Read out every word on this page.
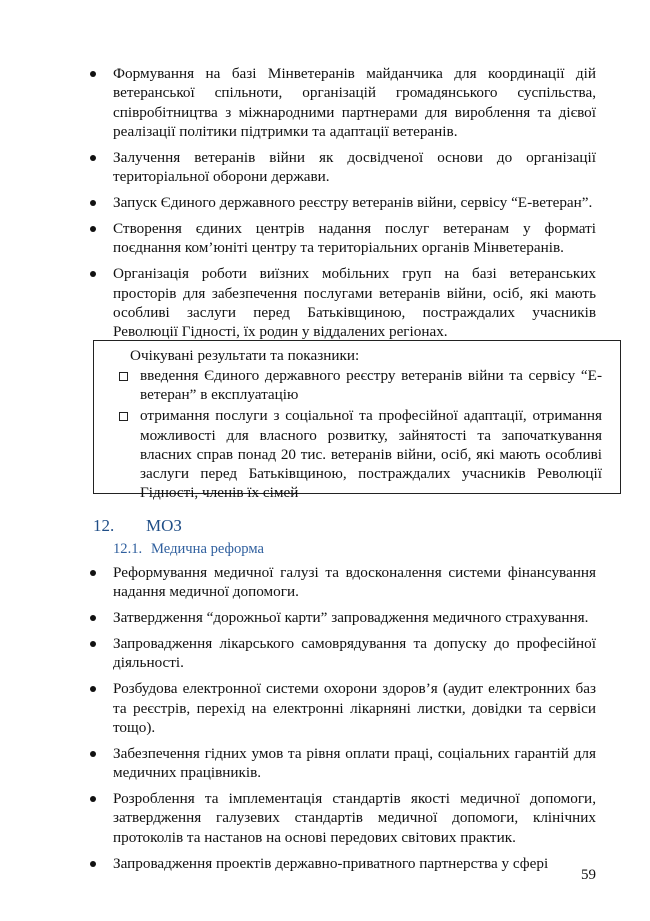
Формування на базі Мінветеранів майданчика для координації дій ветеранської спільноти, організацій громадянського суспільства, співробітництва з міжнародними партнерами для вироблення та дієвої реалізації політики підтримки та адаптації ветеранів.
Залучення ветеранів війни як досвідченої основи до організації територіальної оборони держави.
Запуск Єдиного державного реєстру ветеранів війни, сервісу “Е-ветеран”.
Створення єдиних центрів надання послуг ветеранам у форматі поєднання ком’юніті центру та територіальних органів Мінветеранів.
Організація роботи виїзних мобільних груп на базі ветеранських просторів для забезпечення послугами ветеранів війни, осіб, які мають особливі заслуги перед Батьківщиною, постраждалих учасників Революції Гідності, їх родин у віддалених регіонах.
Очікувані результати та показники:
введення Єдиного державного реєстру ветеранів війни та сервісу “Е-ветеран” в експлуатацію
отримання послуги з соціальної та професійної адаптації, отримання можливості для власного розвитку, зайнятості та започаткування власних справ понад 20 тис. ветеранів війни, осіб, які мають особливі заслуги перед Батьківщиною, постраждалих учасників Революції Гідності, членів їх сімей
12. МОЗ
12.1. Медична реформа
Реформування медичної галузі та вдосконалення системи фінансування надання медичної допомоги.
Затвердження “дорожньої карти” запровадження медичного страхування.
Запровадження лікарського самоврядування та допуску до професійної діяльності.
Розбудова електронної системи охорони здоров’я (аудит електронних баз та реєстрів, перехід на електронні лікарняні листки, довідки та сервіси тощо).
Забезпечення гідних умов та рівня оплати праці, соціальних гарантій для медичних працівників.
Розроблення та імплементація стандартів якості медичної допомоги, затвердження галузевих стандартів медичної допомоги, клінічних протоколів та настанов на основі передових світових практик.
Запровадження проектів державно-приватного партнерства у сфері
59
